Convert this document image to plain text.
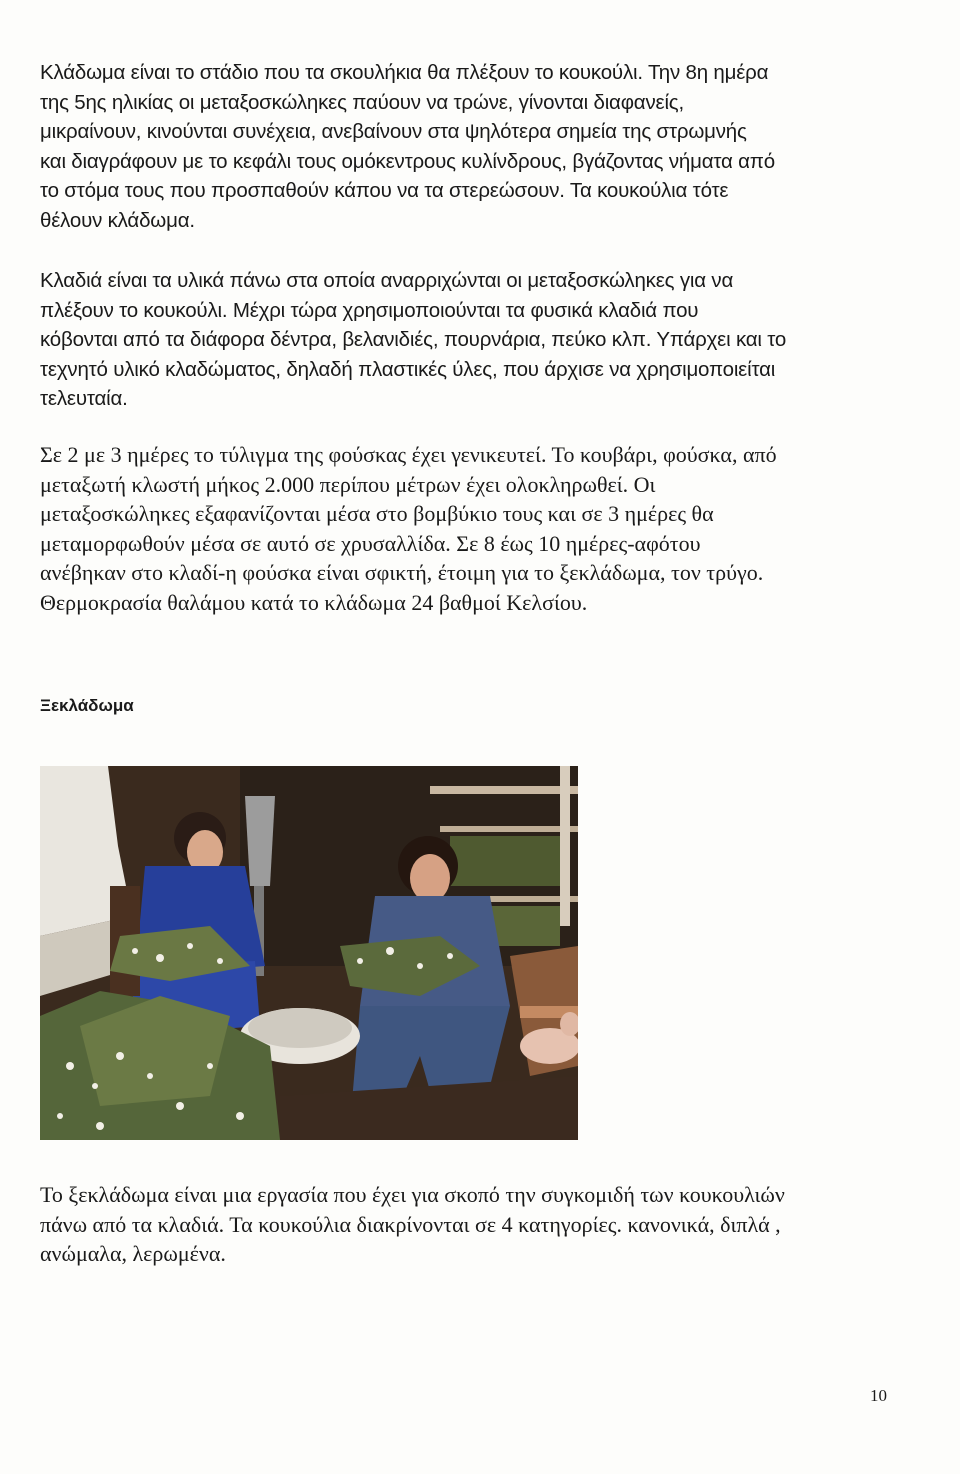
Κλάδωμα είναι το στάδιο που τα σκουλήκια θα πλέξουν το κουκούλι. Την 8η ημέρα
της 5ης ηλικίας οι μεταξοσκώληκες παύουν να τρώνε, γίνονται διαφανείς,
μικραίνουν, κινούνται συνέχεια, ανεβαίνουν στα ψηλότερα σημεία της στρωμνής
και διαγράφουν με το κεφάλι τους ομόκεντρους κυλίνδρους, βγάζοντας νήματα από
το στόμα τους που προσπαθούν κάπου να τα στερεώσουν. Τα κουκούλια τότε
θέλουν κλάδωμα.

Κλαδιά είναι τα υλικά πάνω στα οποία αναρριχώνται οι μεταξοσκώληκες για να
πλέξουν το κουκούλι. Μέχρι τώρα χρησιμοποιούνται τα φυσικά κλαδιά που
κόβονται από τα διάφορα δέντρα, βελανιδιές, πουρνάρια, πεύκο κλπ. Υπάρχει και το
τεχνητό υλικό κλαδώματος, δηλαδή πλαστικές ύλες, που άρχισε να χρησιμοποιείται
τελευταία.

Σε 2 με 3 ημέρες το τύλιγμα της φούσκας έχει γενικευτεί. Το κουβάρι, φούσκα, από
μεταξωτή κλωστή μήκος 2.000 περίπου μέτρων έχει ολοκληρωθεί. Οι
μεταξοσκώληκες εξαφανίζονται μέσα στο βομβύκιο τους και σε 3 ημέρες θα
μεταμορφωθούν μέσα σε αυτό σε χρυσαλλίδα. Σε 8 έως 10 ημέρες-αφότου
ανέβηκαν στο κλαδί-η φούσκα είναι σφικτή, έτοιμη για το ξεκλάδωμα, τον τρύγο.
Θερμοκρασία θαλάμου κατά το κλάδωμα 24 βαθμοί Κελσίου.

Ξεκλάδωμα

Το ξεκλάδωμα είναι μια εργασία που έχει για σκοπό την συγκομιδή των κουκουλιών
πάνω από τα κλαδιά. Τα κουκούλια διακρίνονται σε 4 κατηγορίες. κανονικά, διπλά ,
ανώμαλα, λερωμένα.

10
